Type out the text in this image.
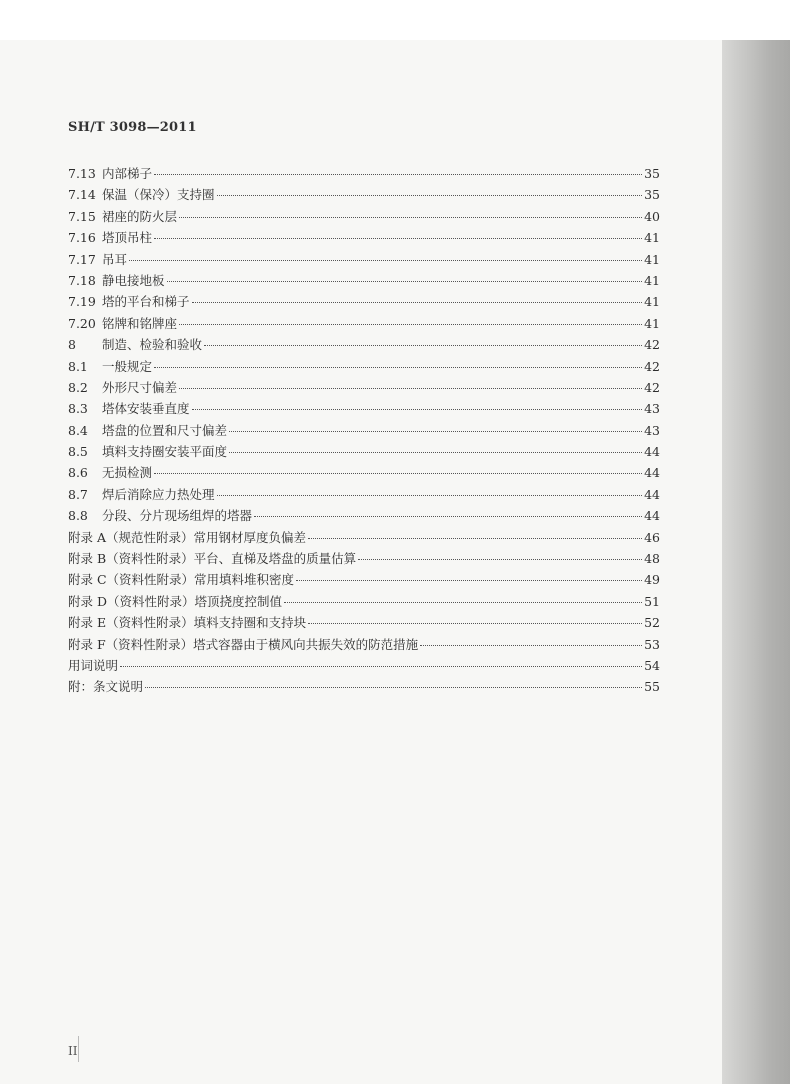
SH/T 3098—2011
7.13 内部梯子	35
7.14 保温（保冷）支持圈	35
7.15 裙座的防火层	40
7.16 塔顶吊柱	41
7.17 吊耳	41
7.18 静电接地板	41
7.19 塔的平台和梯子	41
7.20 铭牌和铭牌座	41
8	制造、检验和验收	42
8.1	一般规定	42
8.2	外形尺寸偏差	42
8.3	塔体安装垂直度	43
8.4	塔盘的位置和尺寸偏差	43
8.5	填料支持圈安装平面度	44
8.6	无损检测	44
8.7	焊后消除应力热处理	44
8.8	分段、分片现场组焊的塔器	44
附录 A（规范性附录）常用钢材厚度负偏差	46
附录 B（资料性附录）平台、直梯及塔盘的质量估算	48
附录 C（资料性附录）常用填料堆积密度	49
附录 D（资料性附录）塔顶挠度控制值	51
附录 E（资料性附录）填料支持圈和支持块	52
附录 F（资料性附录）塔式容器由于横风向共振失效的防范措施	53
用词说明	54
附：条文说明	55
II
